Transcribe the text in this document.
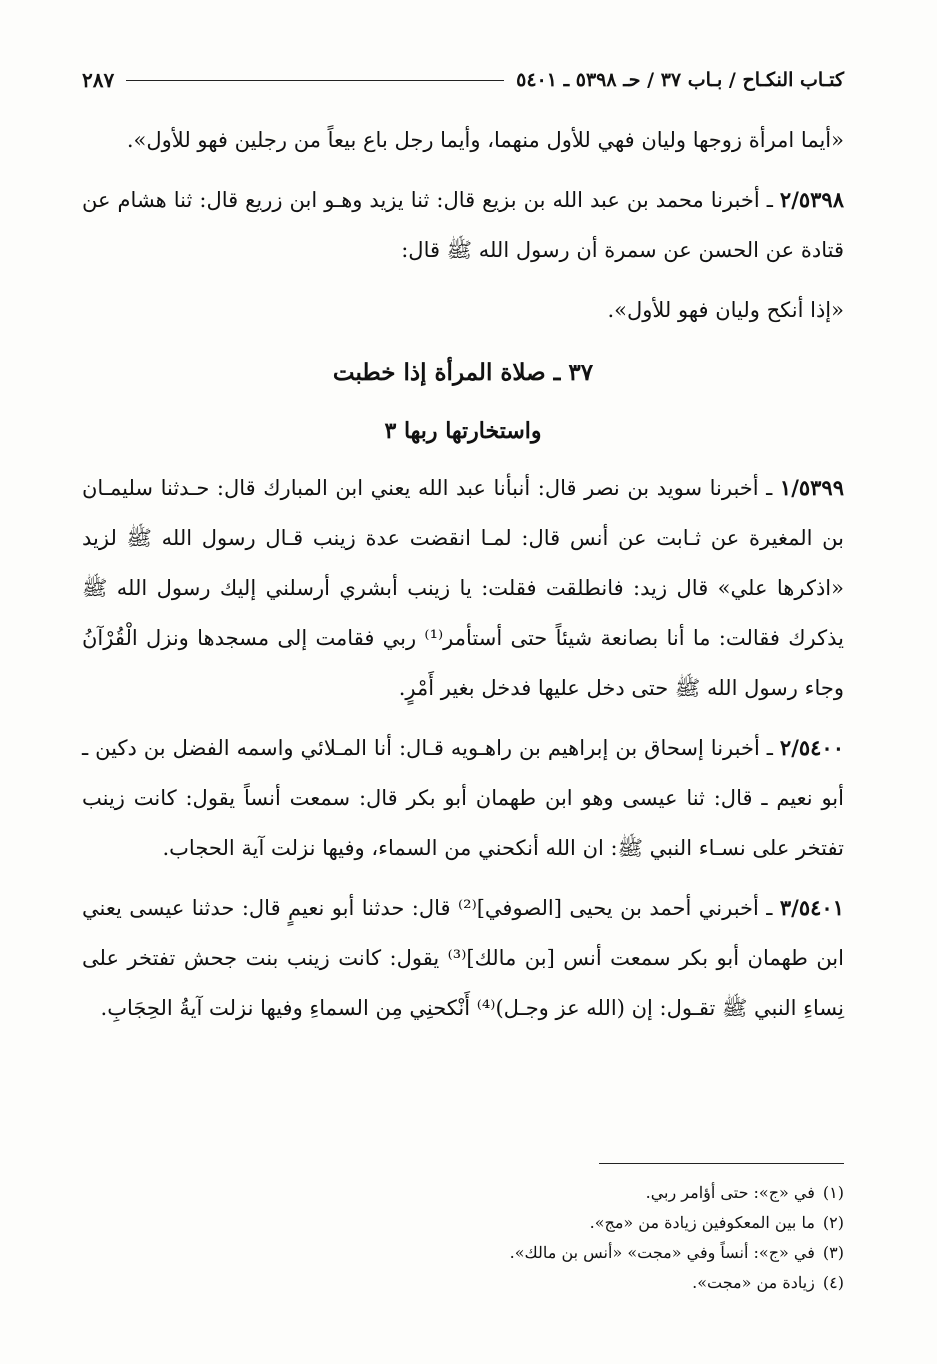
كتـاب النكـاح / بـاب ٣٧ / حـ ٥٣٩٨ ـ ٥٤٠١
٢٨٧

«أيما امرأة زوجها وليان فهي للأول منهما، وأيما رجل باع بيعاً من رجلين فهو للأول».

٢/٥٣٩٨ ـ أخبرنا محمد بن عبد الله بن بزيع قال: ثنا يزيد وهـو ابن زريع قال: ثنا هشام عن قتادة عن الحسن عن سمرة أن رسول الله ﷺ قال:

«إذا أنكح وليان فهو للأول».

٣٧ ـ صلاة المرأة إذا خطبت
واستخارتها ربها ٣

١/٥٣٩٩ ـ أخبرنا سويد بن نصر قال: أنبأنا عبد الله يعني ابن المبارك قال: حـدثنا سليمـان بن المغيرة عن ثـابت عن أنس قال: لمـا انقضت عدة زينب قـال رسول الله ﷺ لزيد «اذكرها علي» قال زيد: فانطلقت فقلت: يا زينب أبشري أرسلني إليك رسول الله ﷺ يذكرك فقالت: ما أنا بصانعة شيئاً حتى أستأمر⁽¹⁾ ربي فقامت إلى مسجدها ونزل الْقُرْآنُ وجاء رسول الله ﷺ حتى دخل عليها فدخل بغير أَمْرٍ.

٢/٥٤٠٠ ـ أخبرنا إسحاق بن إبراهيم بن راهـويه قـال: أنا المـلائي واسمه الفضل بن دكين ـ أبو نعيم ـ قال: ثنا عيسى وهو ابن طهمان أبو بكر قال: سمعت أنساً يقول: كانت زينب تفتخر على نسـاء النبي ﷺ: ان الله أنكحني من السماء، وفيها نزلت آية الحجاب.

٣/٥٤٠١ ـ أخبرني أحمد بن يحيى [الصوفي]⁽²⁾ قال: حدثنا أبو نعيمٍ قال: حدثنا عيسى يعني ابن طهمان أبو بكر سمعت أنس [بن مالك]⁽³⁾ يقول: كانت زينب بنت جحش تفتخر على نِساءِ النبي ﷺ تقـول: إن (الله عز وجـل)⁽⁴⁾ أَنْكحنِي مِن السماءِ وفيها نزلت آيةُ الحِجَابِ.

(١)
في «ج»: حتى أؤامر ربي.
(٢)
ما بين المعكوفين زيادة من «مج».
(٣)
في «ج»: أنساً وفي «مجت» «أنس بن مالك».
(٤)
زيادة من «مجت».
